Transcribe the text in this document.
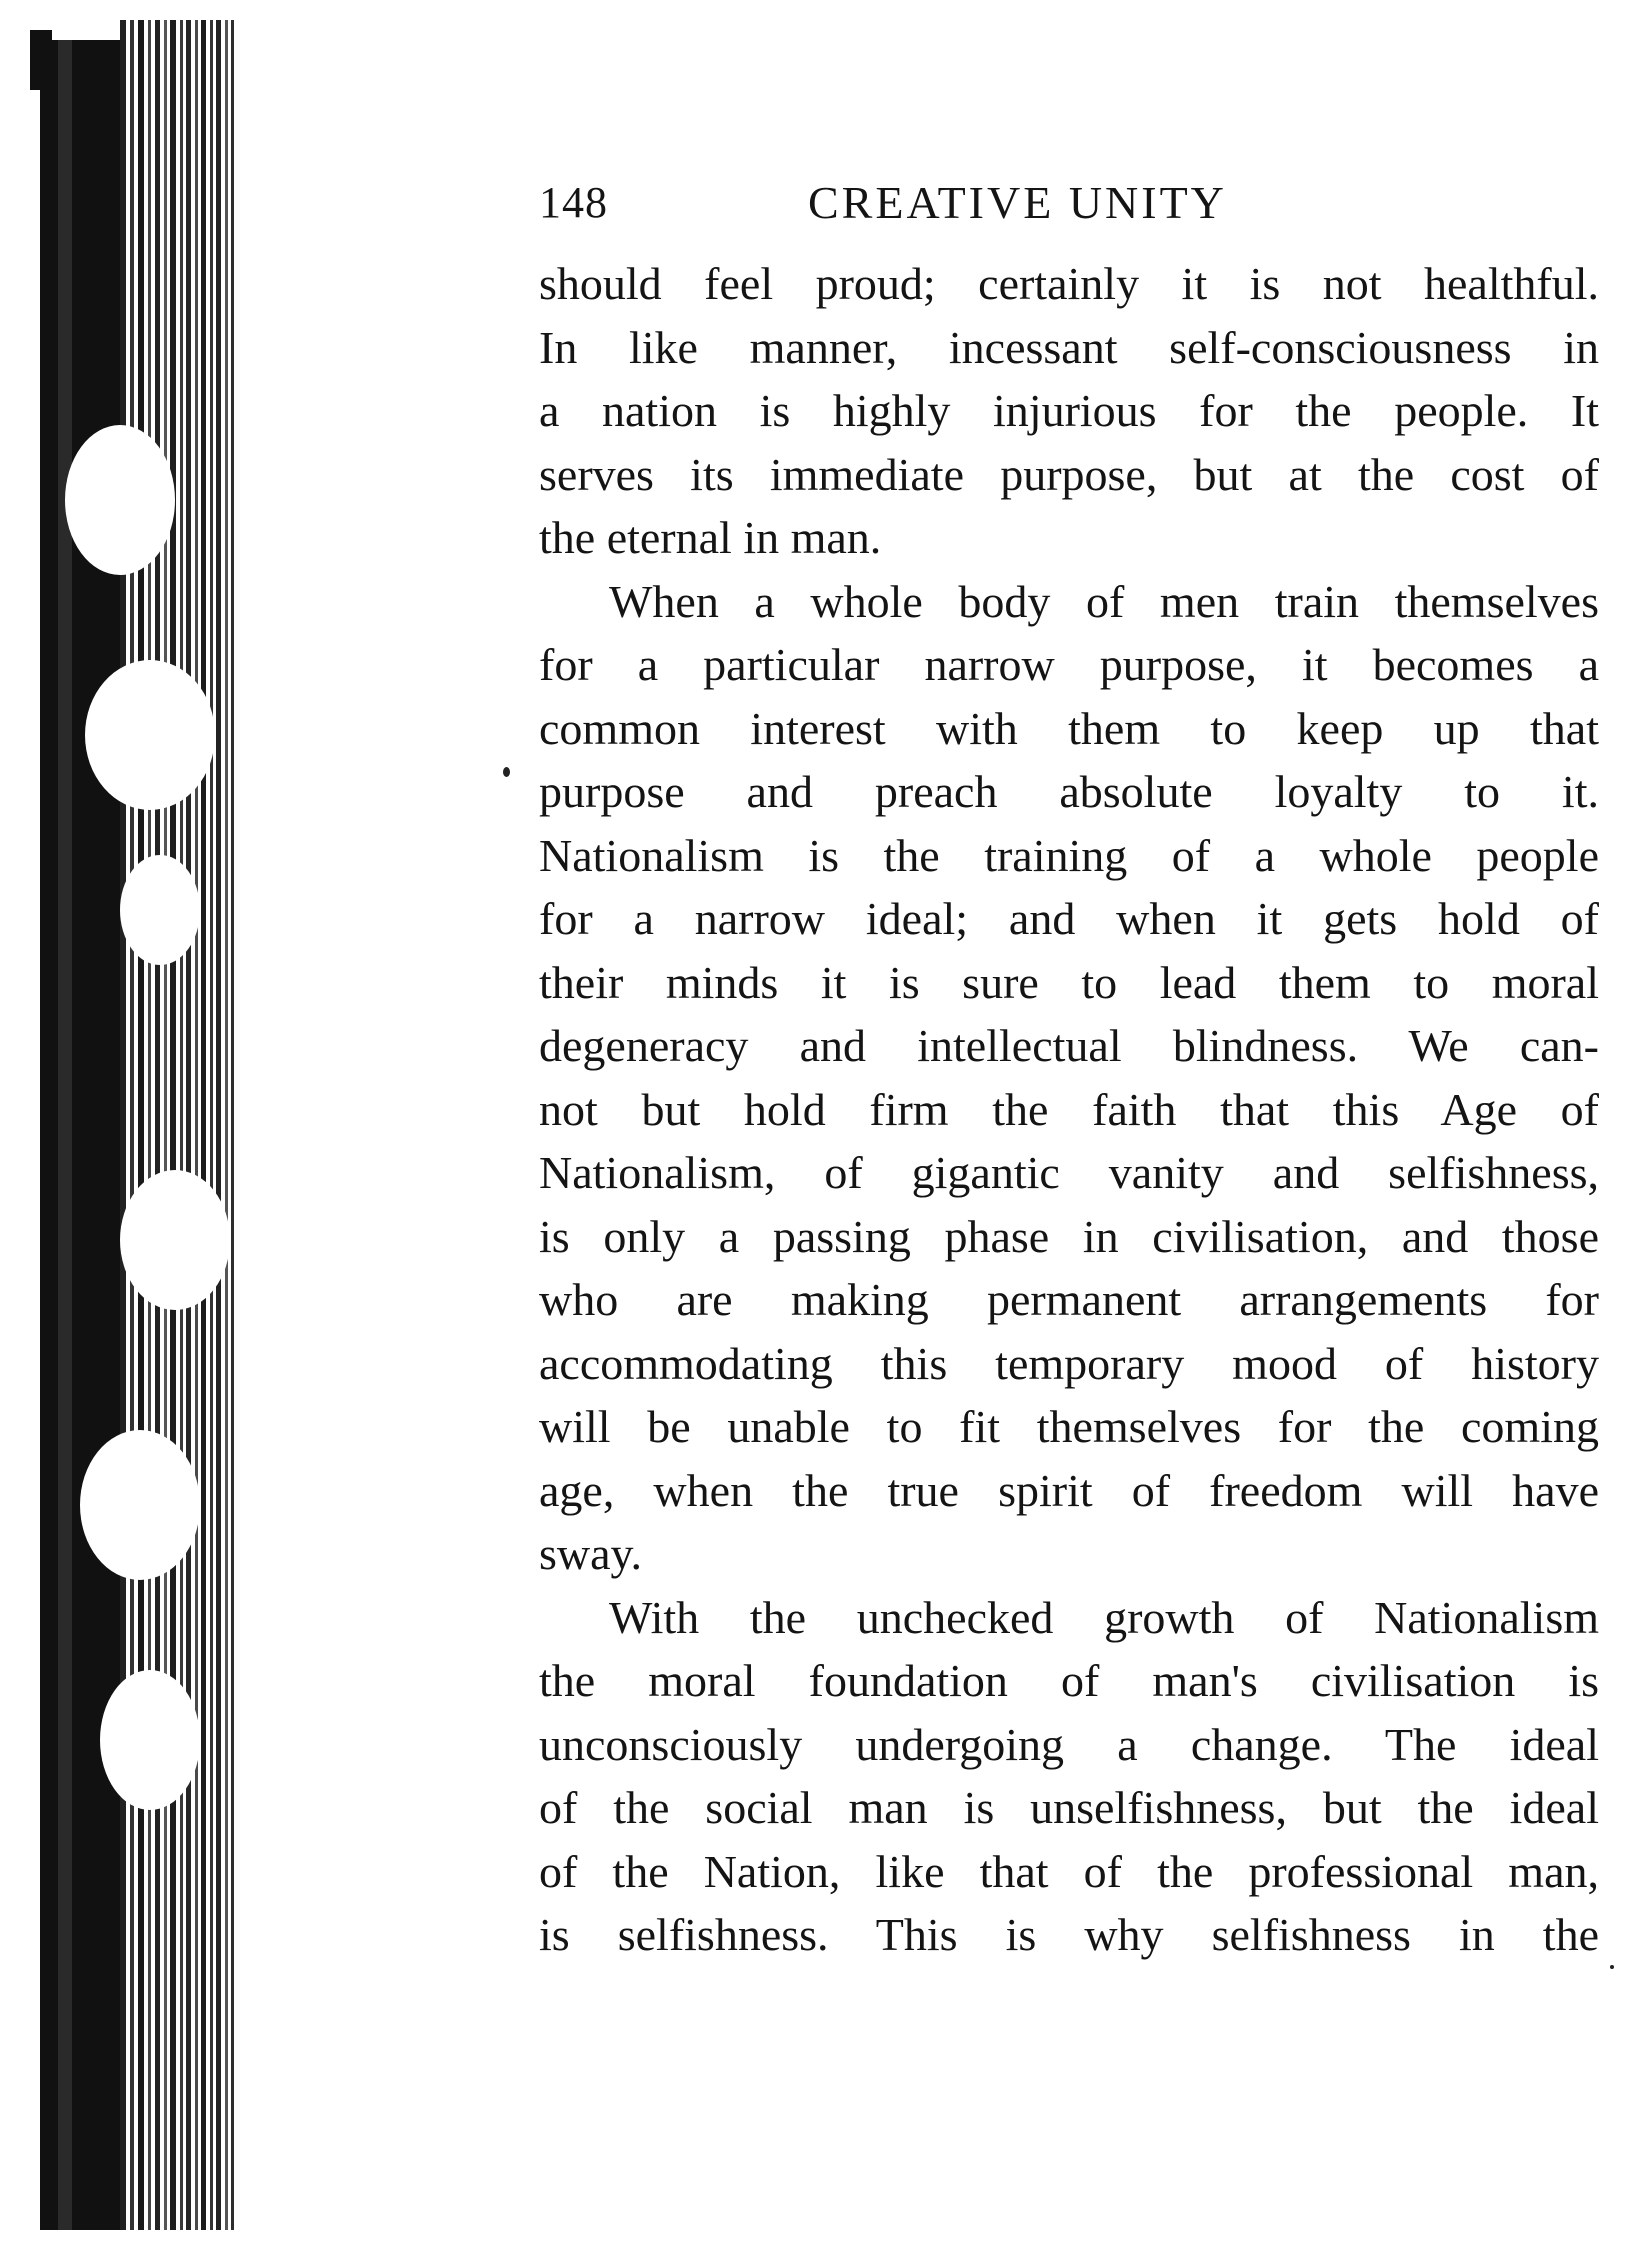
148	CREATIVE UNITY
should feel proud; certainly it is not healthful.
In like manner, incessant self-consciousness in
a nation is highly injurious for the people. It
serves its immediate purpose, but at the cost of
the eternal in man.
When a whole body of men train themselves
for a particular narrow purpose, it becomes a
common interest with them to keep up that
purpose and preach absolute loyalty to it.
Nationalism is the training of a whole people
for a narrow ideal; and when it gets hold of
their minds it is sure to lead them to moral
degeneracy and intellectual blindness. We can-
not but hold firm the faith that this Age of
Nationalism, of gigantic vanity and selfishness,
is only a passing phase in civilisation, and those
who are making permanent arrangements for
accommodating this temporary mood of history
will be unable to fit themselves for the coming
age, when the true spirit of freedom will have
sway.
With the unchecked growth of Nationalism
the moral foundation of man's civilisation is
unconsciously undergoing a change. The ideal
of the social man is unselfishness, but the ideal
of the Nation, like that of the professional man,
is selfishness. This is why selfishness in the
